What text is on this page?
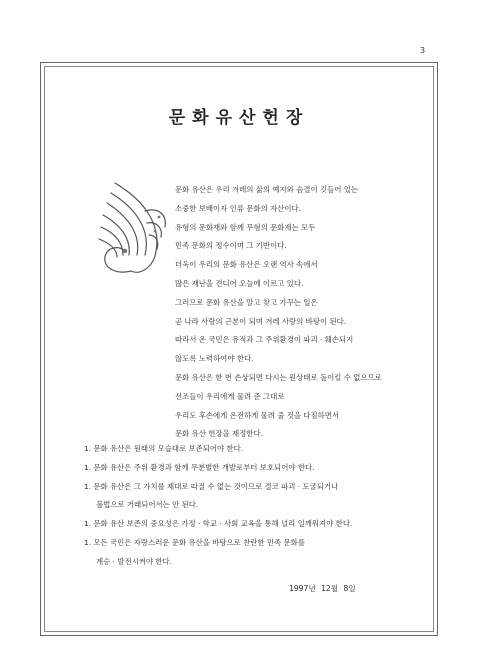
3
문화유산헌장

문화 유산은 우리 겨레의 삶의 예지와 슴결이 깃들어 있는

소중한 보배이자 인류 문화의 자산이다.

유형의 문화재와 함께 무형의 문화재는 모두

민족 문화의 정수이며 그 기반이다.

더욱이 우리의 문화 유산은 오랜 역사 속에서

많은 재난을 견디어 오늘에 이르고 있다.

그러므로 문화 유산을 알고 찾고 가꾸는 일은

곧 나라 사랑의 근본이 되며 겨레 사랑의 바탕이 된다.

따라서 온 국민은 유적과 그 주위환경이 파괴 · 훼손되지

않도록 노력하여야 한다.

문화 유산은 한 번 손상되면 다시는 원상태로 돌이킬 수 없으므로

선조들이 우리에게 물려 준 그대로

우리도 후손에게 온전하게 물려 줄 것을 다짐하면서

문화 유산 헌장을 제정한다.

1. 문화 유산은 원래의 모습대로 보존되어야 한다.

1. 문화 유산은 주위 환경과 함께 무분별한 개발로부터 보호되어야 한다.

1. 문화 유산은 그 가치를 제대로 따질 수 없는 것이므로 결코 파괴 · 도굴되거나

불법으로 거래되어서는 안 된다.

1. 문화 유산 보존의 중요성은 가정 · 학교 · 사회 교육을 통해 널리 일깨워져야 한다.

1. 모든 국민은 자랑스러운 문화 유산을 바탕으로 찬란한 민족 문화를

계승 · 발전시켜야 한다.

1997년 12월 8일
